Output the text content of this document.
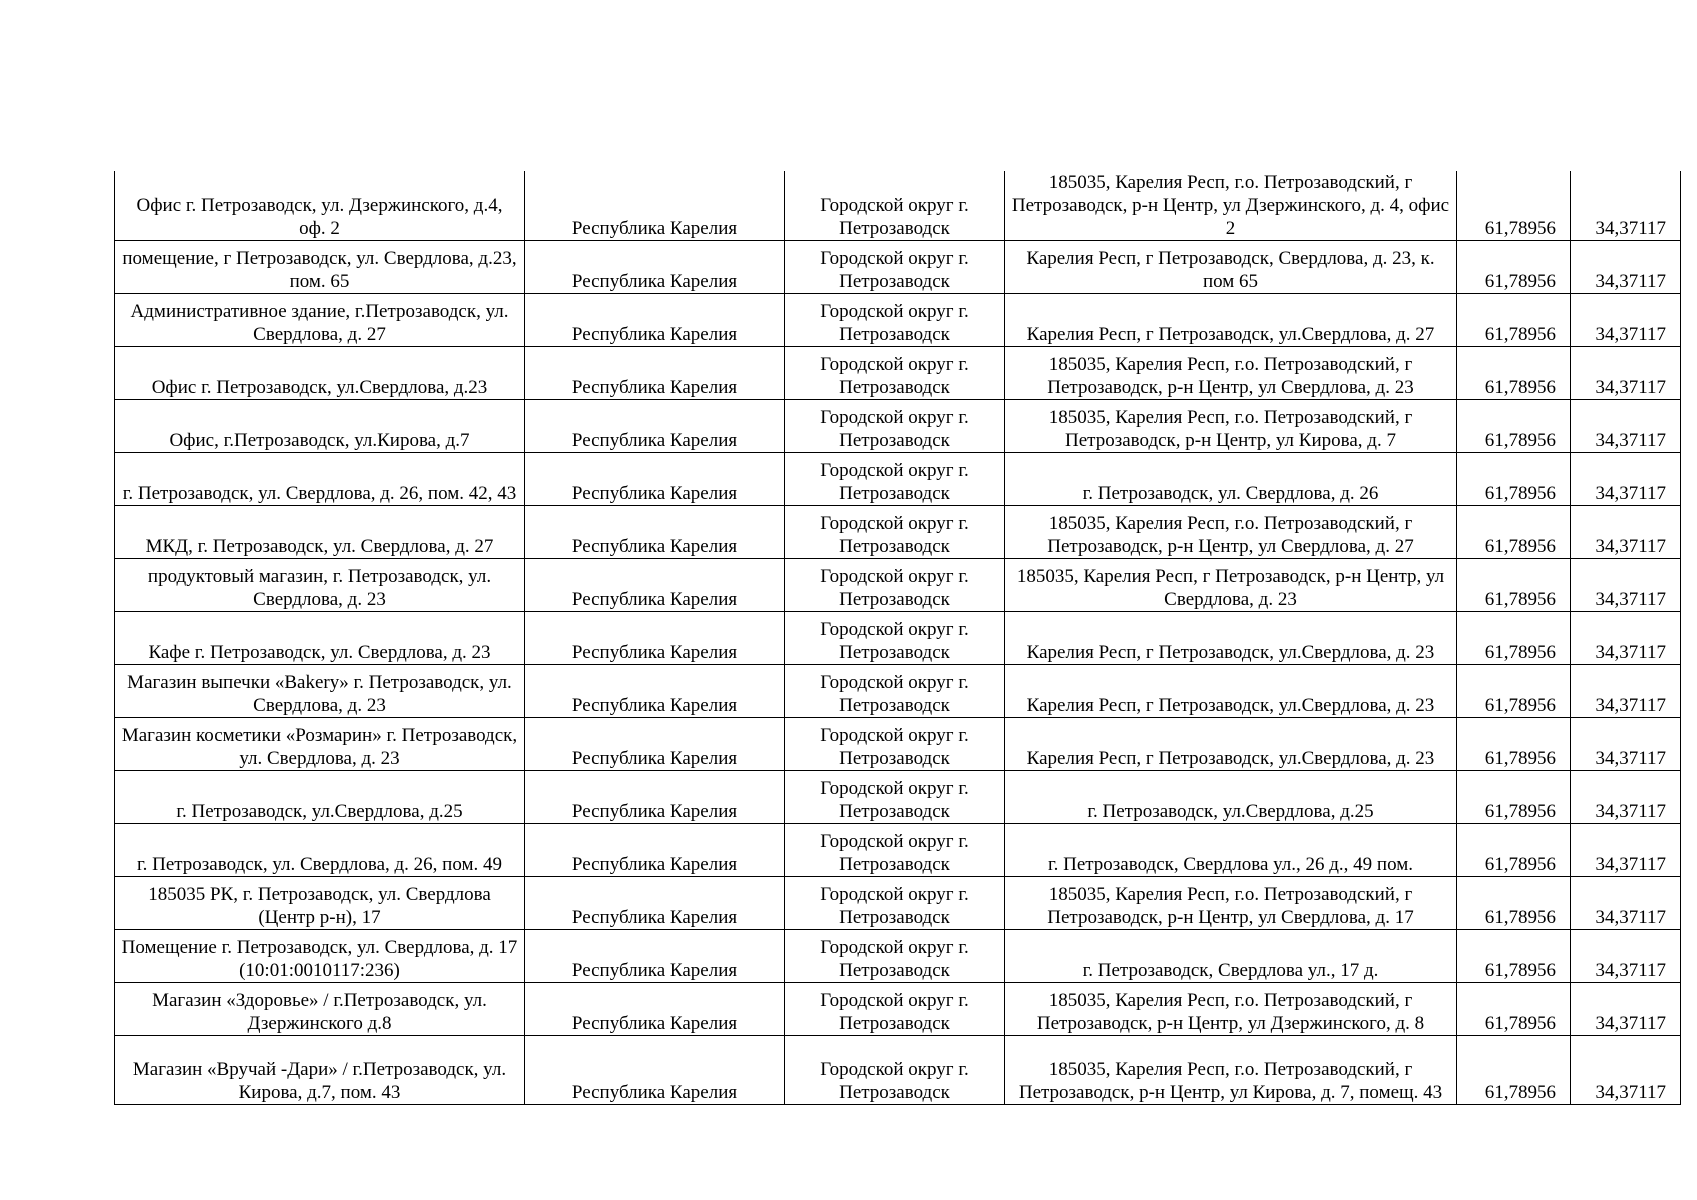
Офис г. Петрозаводск, ул. Дзержинского, д.4, оф. 2	Республика Карелия	Городской округ г. Петрозаводск	185035, Карелия Респ, г.о. Петрозаводский, г Петрозаводск, р-н Центр, ул Дзержинского, д. 4, офис 2	61,78956	34,37117
помещение, г Петрозаводск, ул. Свердлова, д.23, пом. 65	Республика Карелия	Городской округ г. Петрозаводск	Карелия Респ, г Петрозаводск, Свердлова, д. 23, к. пом 65	61,78956	34,37117
Административное здание, г.Петрозаводск, ул. Свердлова, д. 27	Республика Карелия	Городской округ г. Петрозаводск	Карелия Респ, г Петрозаводск, ул.Свердлова, д. 27	61,78956	34,37117
Офис г. Петрозаводск, ул.Свердлова, д.23	Республика Карелия	Городской округ г. Петрозаводск	185035, Карелия Респ, г.о. Петрозаводский, г Петрозаводск, р-н Центр, ул Свердлова, д. 23	61,78956	34,37117
Офис, г.Петрозаводск, ул.Кирова, д.7	Республика Карелия	Городской округ г. Петрозаводск	185035, Карелия Респ, г.о. Петрозаводский, г Петрозаводск, р-н Центр, ул Кирова, д. 7	61,78956	34,37117
г. Петрозаводск, ул. Свердлова, д. 26, пом. 42, 43	Республика Карелия	Городской округ г. Петрозаводск	г. Петрозаводск, ул. Свердлова, д. 26	61,78956	34,37117
МКД, г. Петрозаводск, ул. Свердлова, д. 27	Республика Карелия	Городской округ г. Петрозаводск	185035, Карелия Респ, г.о. Петрозаводский, г Петрозаводск, р-н Центр, ул Свердлова, д. 27	61,78956	34,37117
продуктовый магазин, г. Петрозаводск, ул. Свердлова, д. 23	Республика Карелия	Городской округ г. Петрозаводск	185035, Карелия Респ, г Петрозаводск, р-н Центр, ул Свердлова, д. 23	61,78956	34,37117
Кафе г. Петрозаводск, ул. Свердлова, д. 23	Республика Карелия	Городской округ г. Петрозаводск	Карелия Респ, г Петрозаводск, ул.Свердлова, д. 23	61,78956	34,37117
Магазин выпечки «Bakery» г. Петрозаводск, ул. Свердлова, д. 23	Республика Карелия	Городской округ г. Петрозаводск	Карелия Респ, г Петрозаводск, ул.Свердлова, д. 23	61,78956	34,37117
Магазин косметики «Розмарин» г. Петрозаводск, ул. Свердлова, д. 23	Республика Карелия	Городской округ г. Петрозаводск	Карелия Респ, г Петрозаводск, ул.Свердлова, д. 23	61,78956	34,37117
г. Петрозаводск, ул.Свердлова, д.25	Республика Карелия	Городской округ г. Петрозаводск	г. Петрозаводск, ул.Свердлова, д.25	61,78956	34,37117
г. Петрозаводск, ул. Свердлова, д. 26, пом. 49	Республика Карелия	Городской округ г. Петрозаводск	г. Петрозаводск, Свердлова ул., 26 д., 49 пом.	61,78956	34,37117
185035 РК, г. Петрозаводск, ул. Свердлова (Центр р-н), 17	Республика Карелия	Городской округ г. Петрозаводск	185035, Карелия Респ, г.о. Петрозаводский, г Петрозаводск, р-н Центр, ул Свердлова, д. 17	61,78956	34,37117
Помещение г. Петрозаводск, ул. Свердлова, д. 17 (10:01:0010117:236)	Республика Карелия	Городской округ г. Петрозаводск	г. Петрозаводск, Свердлова ул., 17 д.	61,78956	34,37117
Магазин «Здоровье» / г.Петрозаводск, ул. Дзержинского д.8	Республика Карелия	Городской округ г. Петрозаводск	185035, Карелия Респ, г.о. Петрозаводский, г Петрозаводск, р-н Центр, ул Дзержинского, д. 8	61,78956	34,37117
Магазин «Вручай -Дари» / г.Петрозаводск, ул. Кирова, д.7, пом. 43	Республика Карелия	Городской округ г. Петрозаводск	185035, Карелия Респ, г.о. Петрозаводский, г Петрозаводск, р-н Центр, ул Кирова, д. 7, помещ. 43	61,78956	34,37117
